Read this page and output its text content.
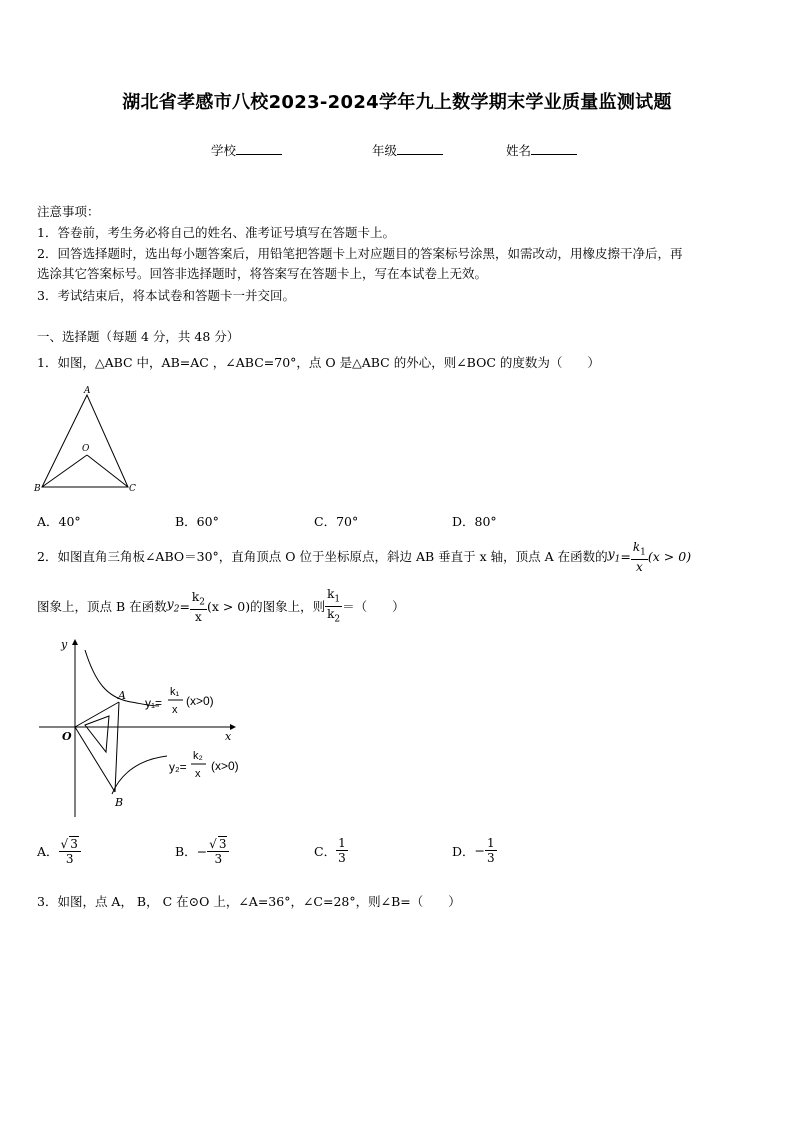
湖北省孝感市八校2023-2024学年九上数学期末学业质量监测试题
学校	年级	姓名
注意事项：
1．答卷前，考生务必将自己的姓名、准考证号填写在答题卡上。
2．回答选择题时，选出每小题答案后，用铅笔把答题卡上对应题目的答案标号涂黑，如需改动，用橡皮擦干净后，再
选涂其它答案标号。回答非选择题时，将答案写在答题卡上，写在本试卷上无效。
3．考试结束后，将本试卷和答题卡一并交回。
一、选择题（每题 4 分，共 48 分）
1．如图，△ABC 中，AB=AC ，∠ABC=70°，点 O 是△ABC 的外心，则∠BOC 的度数为（　　）
A
O
B	C
A．40°	B．60°	C．70°	D．80°
2．如图直角三角板∠ABO＝30°，直角顶点 O 位于坐标原点，斜边 AB 垂直于 x 轴，顶点 A 在函数的 $y_1 = \frac{k_1}{x} (x > 0)$
图象上，顶点 B 在函数 $y_2 = \frac{k_2}{x} (x > 0)$ 的图象上，则 $\frac{k_1}{k_2}$ ＝（　　）
y
x
O
A
B
y₁=
k₁
x
(x>0)
y₂=
k₂
x
(x>0)
A． $\frac{√ 3}{3}$	B． − $\frac{√ 3}{3}$	C． $\frac{1}{3}$	D． − $\frac{1}{3}$
3．如图，点 A， B， C 在⊙O 上，∠A=36°，∠C=28°，则∠B=（　　）
